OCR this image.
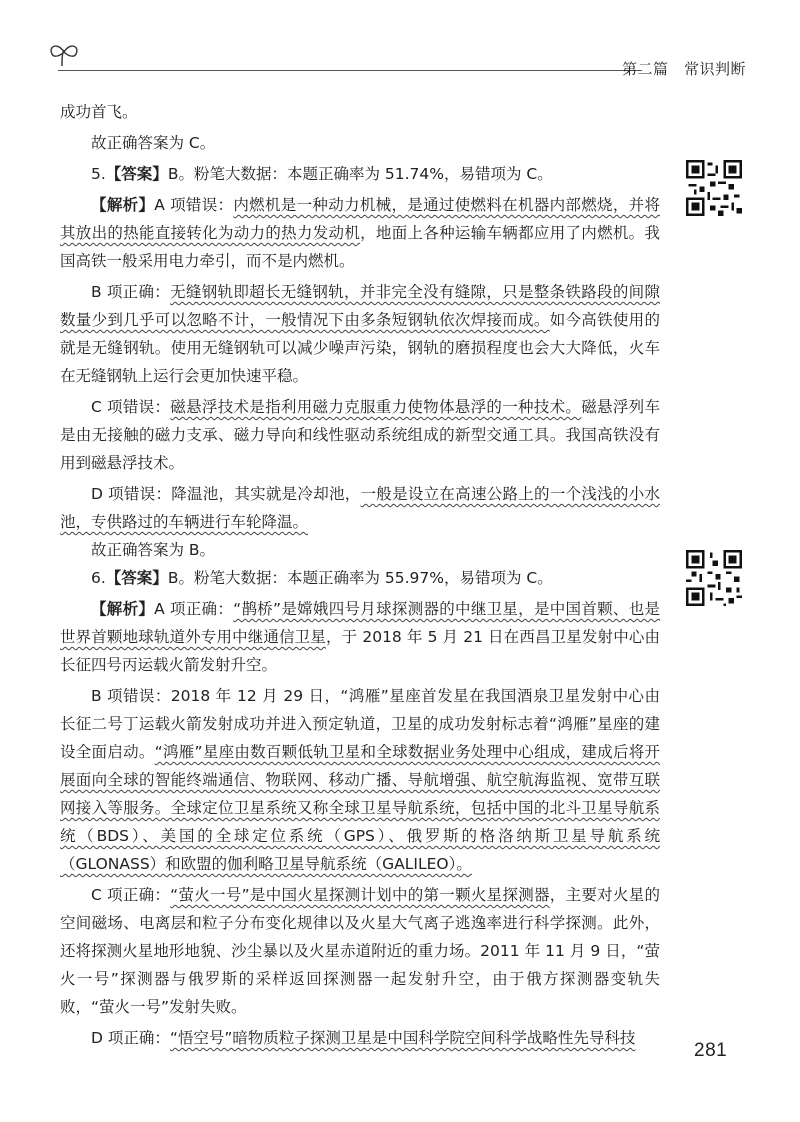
第二篇　常识判断

成功首飞。

故正确答案为 C。

5.【答案】B。粉笔大数据：本题正确率为 51.74%，易错项为 C。

【解析】A 项错误：内燃机是一种动力机械，是通过使燃料在机器内部燃烧，并将其放出的热能直接转化为动力的热力发动机，地面上各种运输车辆都应用了内燃机。我国高铁一般采用电力牵引，而不是内燃机。

B 项正确：无缝钢轨即超长无缝钢轨，并非完全没有缝隙，只是整条铁路段的间隙数量少到几乎可以忽略不计，一般情况下由多条短钢轨依次焊接而成。如今高铁使用的就是无缝钢轨。使用无缝钢轨可以减少噪声污染，钢轨的磨损程度也会大大降低，火车在无缝钢轨上运行会更加快速平稳。

C 项错误：磁悬浮技术是指利用磁力克服重力使物体悬浮的一种技术。磁悬浮列车是由无接触的磁力支承、磁力导向和线性驱动系统组成的新型交通工具。我国高铁没有用到磁悬浮技术。

D 项错误：降温池，其实就是冷却池，一般是设立在高速公路上的一个浅浅的小水池，专供路过的车辆进行车轮降温。

故正确答案为 B。

6.【答案】B。粉笔大数据：本题正确率为 55.97%，易错项为 C。

【解析】A 项正确：“鹊桥”是嫦娥四号月球探测器的中继卫星，是中国首颗、也是世界首颗地球轨道外专用中继通信卫星，于 2018 年 5 月 21 日在西昌卫星发射中心由长征四号丙运载火箭发射升空。

B 项错误：2018 年 12 月 29 日，“鸿雁”星座首发星在我国酒泉卫星发射中心由长征二号丁运载火箭发射成功并进入预定轨道，卫星的成功发射标志着“鸿雁”星座的建设全面启动。“鸿雁”星座由数百颗低轨卫星和全球数据业务处理中心组成，建成后将开展面向全球的智能终端通信、物联网、移动广播、导航增强、航空航海监视、宽带互联网接入等服务。全球定位卫星系统又称全球卫星导航系统，包括中国的北斗卫星导航系统（BDS）、美国的全球定位系统（GPS）、俄罗斯的格洛纳斯卫星导航系统（GLONASS）和欧盟的伽利略卫星导航系统（GALILEO）。

C 项正确：“萤火一号”是中国火星探测计划中的第一颗火星探测器，主要对火星的空间磁场、电离层和粒子分布变化规律以及火星大气离子逃逸率进行科学探测。此外，还将探测火星地形地貌、沙尘暴以及火星赤道附近的重力场。2011 年 11 月 9 日，“萤火一号”探测器与俄罗斯的采样返回探测器一起发射升空，由于俄方探测器变轨失败，“萤火一号”发射失败。

D 项正确：“悟空号”暗物质粒子探测卫星是中国科学院空间科学战略性先导科技

281
